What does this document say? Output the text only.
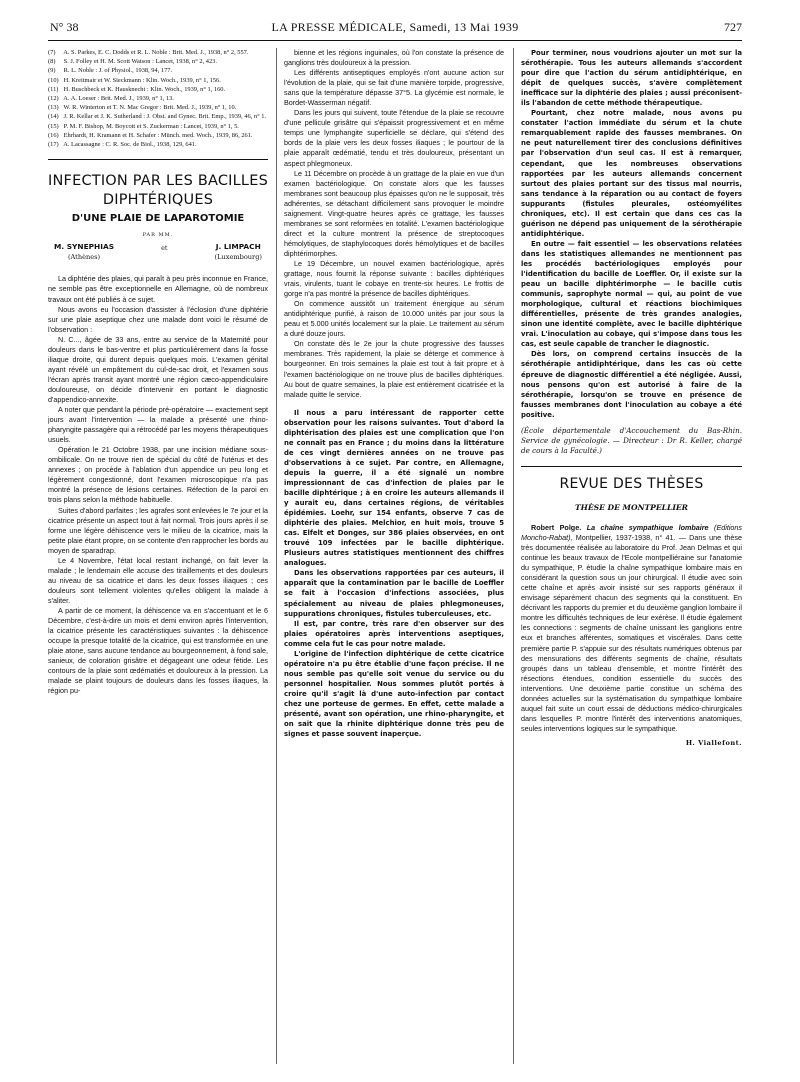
N° 38	LA PRESSE MÉDICALE, Samedi, 13 Mai 1939	727
(7) A. S. Parkes, E. C. Dodds et R. L. Noble : Brit. Med. J., 1938, n° 2, 557.
(8) S. J. Folley et H. M. Scott Watson : Lancet, 1938, n° 2, 423.
(9) R. L. Noble : J. of Physiol., 1938, 94, 177.
(10) H. Kreitmair et W. Sieckmann : Klin. Woch., 1939, n° 1, 156.
(11) H. Buschbeck et K. Hausknecht : Klin. Woch., 1939, n° 1, 160.
(12) A. A. Loeser : Brit. Med. J., 1939, n° 1, 13.
(13) W. R. Winterton et T. N. Mac Gregor : Brit. Med. J., 1939, n° 1, 10.
(14) J. R. Kellar et J. K. Sutherland : J. Obst. and Gynec. Brit. Emp., 1939, 46, n° 1.
(15) P. M. F. Bishop, M. Boycott et S. Zuckerman : Lancet, 1939, n° 1, 5.
(16) Ehrhardt, H. Kramann et H. Schafer : Münch. med. Woch., 1939, 86, 261.
(17) A. Lacassagne : C. R. Soc. de Biol., 1938, 129, 641.
INFECTION PAR LES BACILLES DIPHTÉRIQUES
D'UNE PLAIE DE LAPAROTOMIE
PAR MM.
M. SYNEPHIAS
(Athènes)
et	J. LIMPACH
(Luxembourg)

La diphtérie des plaies, qui paraît à peu près inconnue en France, ne semble pas être exceptionnelle en Allemagne, où de nombreux travaux ont été publiés à ce sujet.

Nous avons eu l'occasion d'assister à l'éclosion d'une diphtérie sur une plaie aseptique chez une malade dont voici le résumé de l'observation :

N. C..., âgée de 33 ans, entre au service de la Maternité pour douleurs dans le bas-ventre et plus particulièrement dans la fosse iliaque droite, qui durent depuis quelques mois. L'examen génital ayant révélé un empâtement du cul-de-sac droit, et l'examen sous l'écran après transit ayant montré une région cæco-appendiculaire douloureuse, on décide d'intervenir en portant le diagnostic d'appendico-annexite.

A noter que pendant la période pré-opératoire — exactement sept jours avant l'intervention — la malade a présenté une rhino-pharyngite passagère qui a rétrocédé par les moyens thérapeutiques usuels.

Opération le 21 Octobre 1938, par une incision médiane sous-ombilicale. On ne trouve rien de spécial du côté de l'utérus et des annexes ; on procède à l'ablation d'un appendice un peu long et légèrement congestionné, dont l'examen microscopique n'a pas montré la présence de lésions certaines. Réfection de la paroi en trois plans selon la méthode habituelle.

Suites d'abord parfaites ; les agrafes sont enlevées le 7e jour et la cicatrice présente un aspect tout à fait normal. Trois jours après il se forme une légère déhiscence vers le milieu de la cicatrice, mais la petite plaie étant propre, on se contente d'en rapprocher les bords au moyen de sparadrap.

Le 4 Novembre, l'état local restant inchangé, on fait lever la malade ; le lendemain elle accuse des tiraillements et des douleurs au niveau de sa cicatrice et dans les deux fosses iliaques ; ces douleurs sont tellement violentes qu'elles obligent la malade à s'aliter.

A partir de ce moment, la déhiscence va en s'accentuant et le 6 Décembre, c'est-à-dire un mois et demi environ après l'intervention, la cicatrice présente les caractéristiques suivantes : la déhiscence occupe la presque totalité de la cicatrice, qui est transformée en une plaie atone, sans aucune tendance au bourgeonnement, à fond sale, sanieux, de coloration grisâtre et dégageant une odeur fétide. Les contours de la plaie sont œdématiés et douloureux à la pression. La malade se plaint toujours de douleurs dans les fosses iliaques, la région pu-

bienne et les régions inguinales, où l'on constate la présence de ganglions très douloureux à la pression.

Les différents antiseptiques employés n'ont aucune action sur l'évolution de la plaie, qui se fait d'une manière torpide, progressive, sans que la température dépasse 37°5. La glycémie est normale, le Bordet-Wasserman négatif.

Dans les jours qui suivent, toute l'étendue de la plaie se recouvre d'une pellicule grisâtre qui s'épaissit progressivement et en même temps une lymphangite superficielle se déclare, qui s'étend des bords de la plaie vers les deux fosses iliaques ; le pourtour de la plaie apparaît œdématié, tendu et très douloureux, présentant un aspect phlegmoneux.

Le 11 Décembre on procède à un grattage de la plaie en vue d'un examen bactériologique. On constate alors que les fausses membranes sont beaucoup plus épaisses qu'on ne le supposait, très adhérentes, se détachant difficilement sans provoquer le moindre saignement. Vingt-quatre heures après ce grattage, les fausses membranes se sont reformées en totalité. L'examen bactériologique direct et la culture montrent la présence de streptocoques hémolytiques, de staphylocoques dorés hémolytiques et de bacilles diphtérimorphes.

Le 19 Décembre, un nouvel examen bactériologique, après grattage, nous fournit la réponse suivante : bacilles diphtériques vrais, virulents, tuant le cobaye en trente-six heures. Le frottis de gorge n'a pas montré la présence de bacilles diphtériques.

On commence aussitôt un traitement énergique au sérum antidiphtérique purifié, à raison de 10.000 unités par jour sous la peau et 5.000 unités localement sur la plaie. Le traitement au sérum a duré douze jours.

On constate dès le 2e jour la chute progressive des fausses membranes. Très rapidement, la plaie se déterge et commence à bourgeonner. En trois semaines la plaie est tout à fait propre et à l'examen bactériologique on ne trouve plus de bacilles diphtériques. Au bout de quatre semaines, la plaie est entièrement cicatrisée et la malade quitte le service.

Il nous a paru intéressant de rapporter cette observation pour les raisons suivantes. Tout d'abord la diphtérisation des plaies est une complication que l'on ne connaît pas en France ; du moins dans la littérature de ces vingt dernières années on ne trouve pas d'observations à ce sujet. Par contre, en Allemagne, depuis la guerre, il a été signalé un nombre impressionnant de cas d'infection de plaies par le bacille diphtérique ; à en croire les auteurs allemands il y aurait eu, dans certaines régions, de véritables épidémies. Loehr, sur 154 enfants, observe 7 cas de diphtérie des plaies. Melchior, en huit mois, trouve 5 cas. Elfelt et Donges, sur 386 plaies observées, en ont trouvé 109 infectées par le bacille diphtérique. Plusieurs autres statistiques mentionnent des chiffres analogues.

Dans les observations rapportées par ces auteurs, il apparaît que la contamination par le bacille de Loeffler se fait à l'occasion d'infections associées, plus spécialement au niveau de plaies phlegmoneuses, suppurations chroniques, fistules tuberculeuses, etc.

Il est, par contre, très rare d'en observer sur des plaies opératoires après interventions aseptiques, comme cela fut le cas pour notre malade.

L'origine de l'infection diphtérique de cette cicatrice opératoire n'a pu être établie d'une façon précise. Il ne nous semble pas qu'elle soit venue du service ou du personnel hospitalier. Nous sommes plutôt portés à croire qu'il s'agit là d'une auto-infection par contact chez une porteuse de germes. En effet, cette malade a présenté, avant son opération, une rhino-pharyngite, et on sait que la rhinite diphtérique donne très peu de signes et passe souvent inaperçue.

Pour terminer, nous voudrions ajouter un mot sur la sérothérapie. Tous les auteurs allemands s'accordent pour dire que l'action du sérum antidiphtérique, en dépit de quelques succès, s'avère complètement inefficace sur la diphtérie des plaies ; aussi préconisent-ils l'abandon de cette méthode thérapeutique.

Pourtant, chez notre malade, nous avons pu constater l'action immédiate du sérum et la chute remarquablement rapide des fausses membranes. On ne peut naturellement tirer des conclusions définitives par l'observation d'un seul cas. Il est à remarquer, cependant, que les nombreuses observations rapportées par les auteurs allemands concernent surtout des plaies portant sur des tissus mal nourris, sans tendance à la réparation ou au contact de foyers suppurants (fistules pleurales, ostéomyélites chroniques, etc). Il est certain que dans ces cas la guérison ne dépend pas uniquement de la sérothérapie antidiphtérique.

En outre — fait essentiel — les observations relatées dans les statistiques allemandes ne mentionnent pas les procédés bactériologiques employés pour l'identification du bacille de Loeffler. Or, il existe sur la peau un bacille diphtérimorphe — le bacille cutis communis, saprophyte normal — qui, au point de vue morphologique, cultural et réactions biochimiques différentielles, présente de très grandes analogies, sinon une identité complète, avec le bacille diphtérique vrai. L'inoculation au cobaye, qui s'impose dans tous les cas, est seule capable de trancher le diagnostic.

Dès lors, on comprend certains insuccès de la sérothérapie antidiphtérique, dans les cas où cette épreuve de diagnostic différentiel a été négligée. Aussi, nous pensons qu'on est autorisé à faire de la sérothérapie, lorsqu'on se trouve en présence de fausses membranes dont l'inoculation au cobaye a été positive.

(École départementale d'Accouchement du Bas-Rhin. Service de gynécologie. — Directeur : Dr R. Keller, chargé de cours à la Faculté.)

REVUE DES THÈSES
THÈSE DE MONTPELLIER

Robert Polge. La chaîne sympathique lombaire (Editions Moncho-Rabat), Montpellier, 1937-1938, n° 41. — Dans une thèse très documentée réalisée au laboratoire du Prof. Jean Delmas et qui continue les beaux travaux de l'Ecole montpelliéraine sur l'anatomie du sympathique, P. étudie la chaîne sympathique lombaire mais en considérant la question sous un jour chirurgical. Il étudie avec soin cette chaîne et après avoir insisté sur ses rapports généraux il envisage séparément chacun des segments qui la constituent. En décrivant les rapports du premier et du deuxième ganglion lombaire il montre les difficultés techniques de leur exérèse. Il étudie également les connections : segments de chaîne unissant les ganglions entre eux et branches afférentes, somatiques et viscérales. Dans cette première partie P. s'appuie sur des résultats numériques obtenus par des mensurations des différents segments de chaîne, résultats groupés dans un tableau d'ensemble, et montre l'intérêt des résections étendues, condition essentielle du succès des interventions. Une deuxième partie constitue un schéma des données actuelles sur la systématisation du sympathique lombaire auquel fait suite un court essai de déductions médico-chirurgicales dans lesquelles P. montre l'intérêt des interventions anatomiques, seules interventions logiques sur le sympathique.

H. Viallefont.
